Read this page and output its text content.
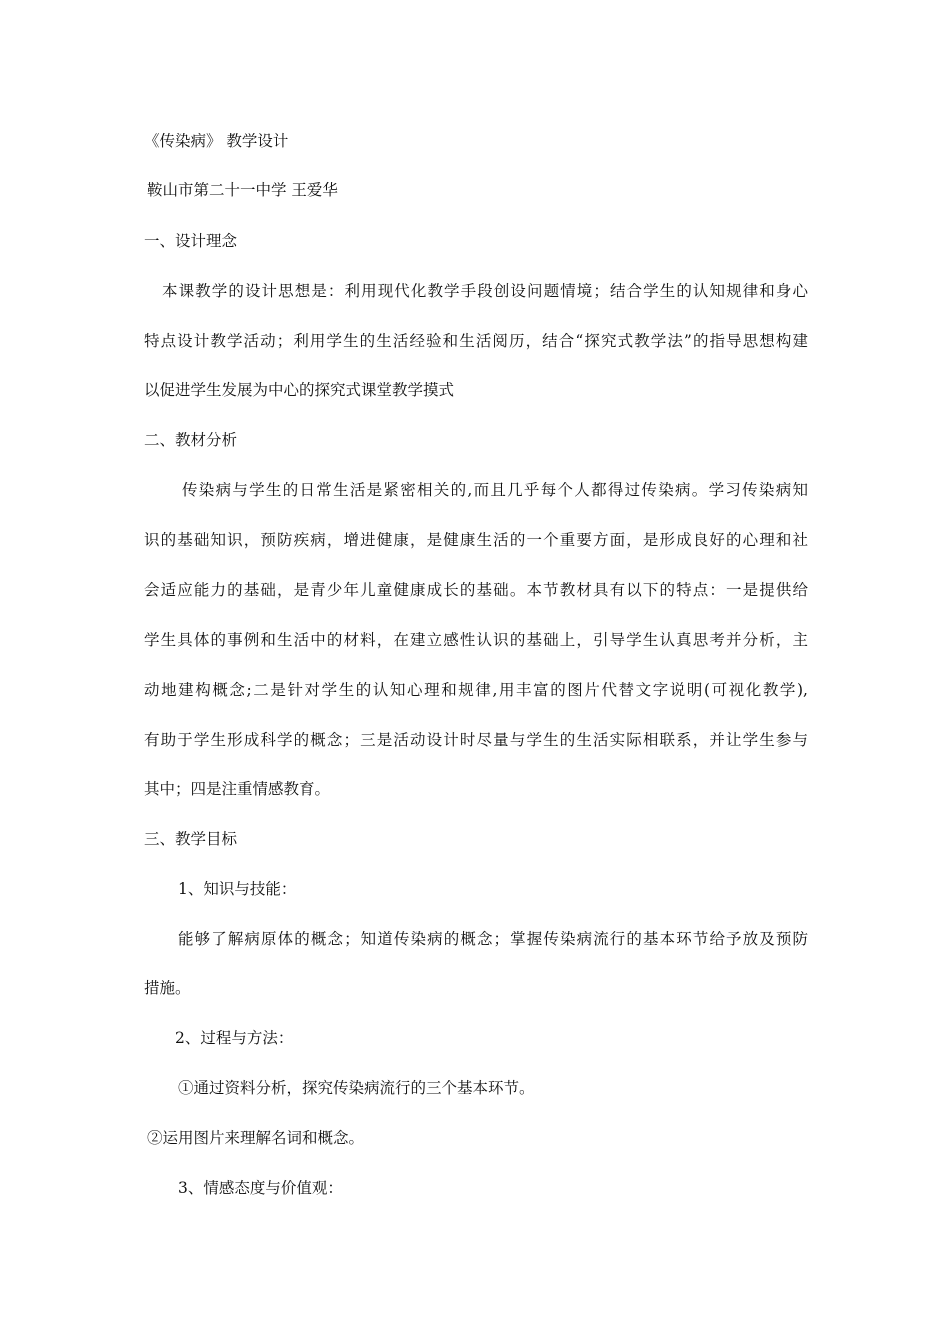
《传染病》 教学设计
鞍山市第二十一中学 王爱华
一、设计理念
本课教学的设计思想是：利用现代化教学手段创设问题情境；结合学生的认知规律和身心
特点设计教学活动；利用学生的生活经验和生活阅历，结合“探究式教学法”的指导思想构建
以促进学生发展为中心的探究式课堂教学摸式
二、教材分析
传染病与学生的日常生活是紧密相关的,而且几乎每个人都得过传染病。学习传染病知
识的基础知识，预防疾病，增进健康，是健康生活的一个重要方面，是形成良好的心理和社
会适应能力的基础，是青少年儿童健康成长的基础。本节教材具有以下的特点：一是提供给
学生具体的事例和生活中的材料，在建立感性认识的基础上，引导学生认真思考并分析，主
动地建构概念;二是针对学生的认知心理和规律,用丰富的图片代替文字说明(可视化教学),
有助于学生形成科学的概念；三是活动设计时尽量与学生的生活实际相联系，并让学生参与
其中；四是注重情感教育。
三、教学目标
1、知识与技能：
能够了解病原体的概念；知道传染病的概念；掌握传染病流行的基本环节给予放及预防
措施。
2、过程与方法：
①通过资料分析，探究传染病流行的三个基本环节。
②运用图片来理解名词和概念。
3、情感态度与价值观：
